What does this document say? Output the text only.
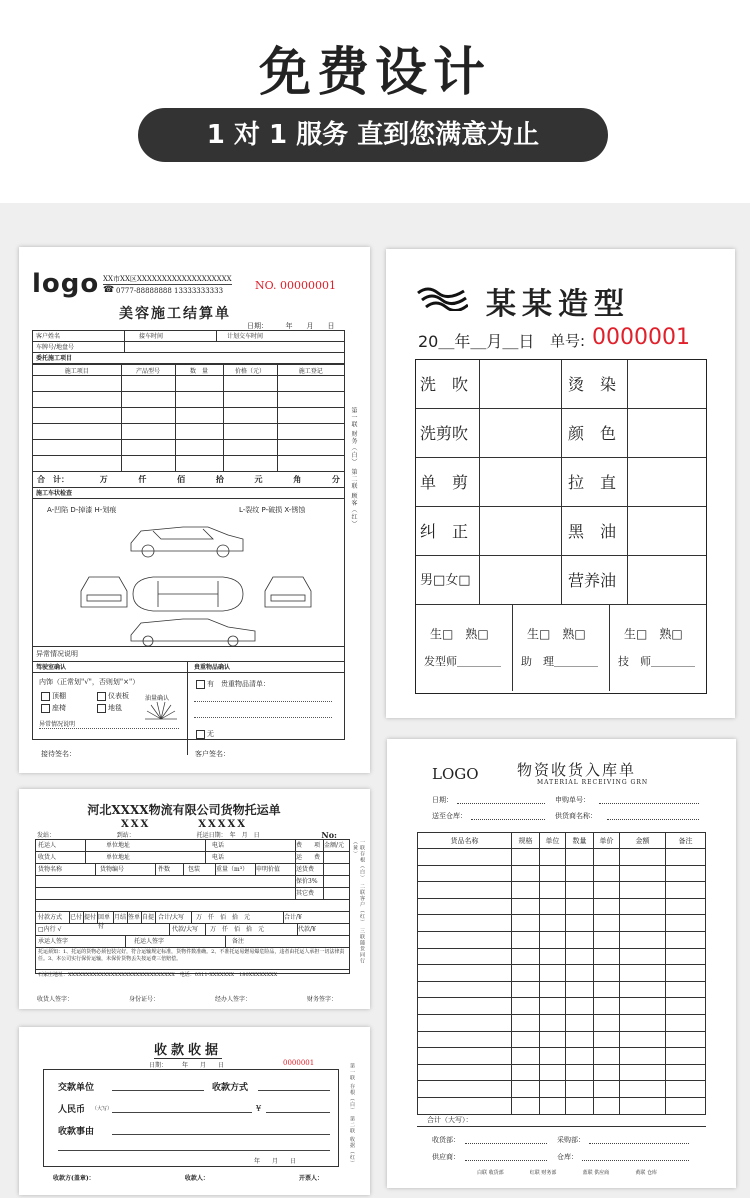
免费设计
1 对 1 服务 直到您满意为止
logo XX市XX区XXXXXXXXXXXXXXXXXXX
☎ 0777-88888888 13333333333	NO. 00000001
美容施工结算单
日期：　　　年　　月　　日
客户姓名	接车时间	计划交车时间
车牌号/地盘号
委托施工项目
施工项目	产品型号	数　量	价格（元）	施工登记

合　计：	万	仟	佰	拾	元	角	分
施工车状检查
A-凹陷 D-掉漆 H-划痕	L-裂纹 P-破损 X-锈蚀
异常情况说明
驾驶室确认	贵重物品确认
内饰（正常划"√"，否则划"×"）
顶棚	仪表板
座椅	地毯
油量确认
异常情况说明
有　贵重物品清单：
无
接待签名：	客户签名：
第一联 财务（白） 第二联 顾客（红）
某某造型
20＿年＿月＿日 单号: 0000001
洗　吹	烫　染
洗剪吹	颜　色
单　剪	拉　直
纠　正	黑　油
男□女□	营养油
生□　熟□
发型师＿＿＿＿
生□　熟□
助　理＿＿＿＿
生□　熟□
技　师＿＿＿＿
河北XXXX物流有限公司货物托运单
XXX　　　　XXXXX
发站：	到站：	托运日期：　年　月　日	No:
托运人	单位地址	电话	费　　项 金额/元
收货人	单位地址	电话	运　　费
货物名称	货物编号	件数	包装	重量（m³）	申明价值	送货费
保价3%
其它费
付款方式	已付 提付 回单付
月结 签单 自提 合计/大写	万　仟　佰　拾　元	合计/¥
□内行 √	代款/大写	万　仟　佰　拾　元	代款/¥
承运人签字	托运人签字	备注
托运须知：1、托运的货物必须包装完好，符合运输规定标准，货物件数准确。2、不准托运易燃易爆危险品，违者由托运人承担一切法律责任。3、本公司实行保价运输，未保价货物丢失按运费三倍赔偿。
石家庄地址：XXXXXXXXXXXXXXXXXXXXXXXXXXXXXX　电话：0311-XXXXXXX　180XXXXXXXX
收货人签字：	身份证号：	经办人签字：	财务签字：
一联存根（白） 二联客户（红） 三联随货同行（黄）
收款收据
日期：　　　年　　月　　日	0000001
交款单位	收款方式
人民币 （大写）	¥
收款事由
年　　月　　日
收款方(盖章)：	收款人：	开票人：
第一联 存根（白） 第二联 收据（红）
LOGO	物资收货入库单
MATERIAL RECEIVING GRN
日期：	申购单号：
送至仓库：	供货商名称：
货品名称	规格	单位	数量	单价	金额	备注
合计（大写）：
收货部：	采购部：
供应商：	仓库：
白联 收货部	红联 财务部	蓝联 供应商	黄联 仓库
